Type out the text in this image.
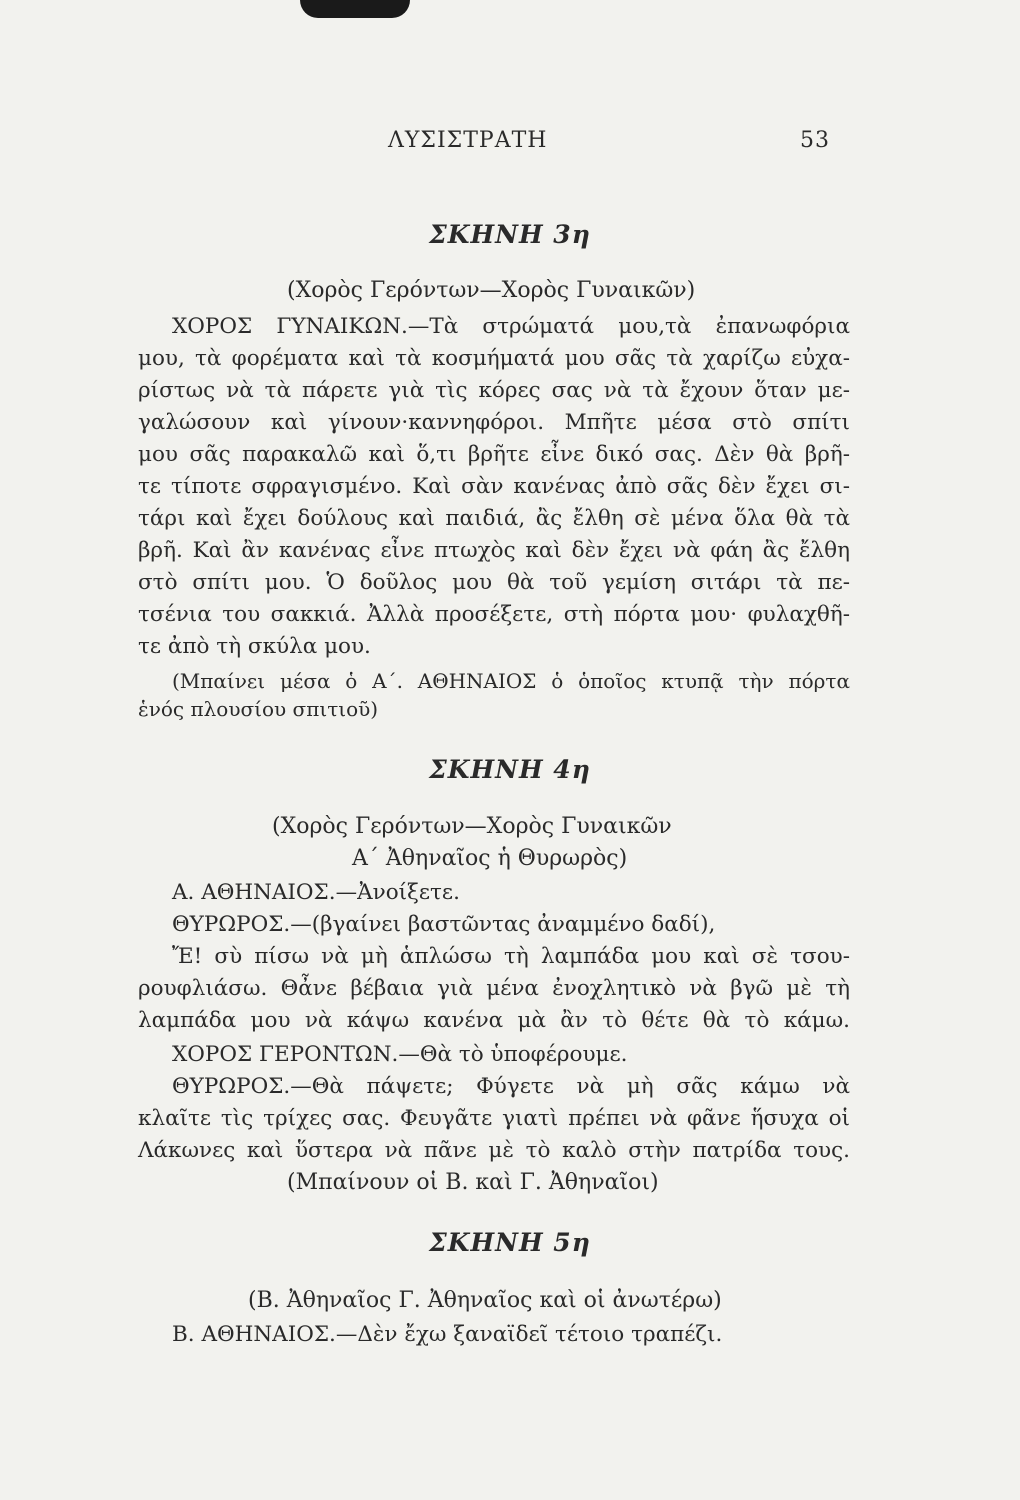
ΛΥΣΙΣΤΡΑΤΗ	53
ΣΚΗΝΗ 3η
(Χορὸς Γερόντων—Χορὸς Γυναικῶν)
ΧΟΡΟΣ ΓΥΝΑΙΚΩΝ.—Τὰ στρώματά μου,τὰ ἐπανωφόρια
μου, τὰ φορέματα καὶ τὰ κοσμήματά μου σᾶς τὰ χαρίζω εὐχα-
ρίστως νὰ τὰ πάρετε γιὰ τὶς κόρες σας νὰ τὰ ἔχουν ὅταν με-
γαλώσουν καὶ γίνουν·καννηφόροι. Μπῆτε μέσα στὸ σπίτι
μου σᾶς παρακαλῶ καὶ ὅ,τι βρῆτε εἶνε δικό σας. Δὲν θὰ βρῆ-
τε τίποτε σφραγισμένο. Καὶ σὰν κανένας ἀπὸ σᾶς δὲν ἔχει σι-
τάρι καὶ ἔχει δούλους καὶ παιδιά, ἂς ἔλθη σὲ μένα ὅλα θὰ τὰ
βρῆ. Καὶ ἂν κανένας εἶνε πτωχὸς καὶ δὲν ἔχει νὰ φάη ἂς ἔλθη
στὸ σπίτι μου. Ὁ δοῦλος μου θὰ τοῦ γεμίση σιτάρι τὰ πε-
τσένια του σακκιά. Ἀλλὰ προσέξετε, στὴ πόρτα μου· φυλαχθῆ-
τε ἀπὸ τὴ σκύλα μου.
(Μπαίνει μέσα ὁ Α΄. ΑΘΗΝΑΙΟΣ ὁ ὁποῖος κτυπᾷ τὴν πόρτα
ἑνός πλουσίου σπιτιοῦ)
ΣΚΗΝΗ 4η
(Χορὸς Γερόντων—Χορὸς Γυναικῶν
Α΄ Ἀθηναῖος ἡ Θυρωρὸς)
Α. ΑΘΗΝΑΙΟΣ.—Ἀνοίξετε.
ΘΥΡΩΡΟΣ.—(βγαίνει βαστῶντας ἀναμμένο δαδί),
Ἔ! σὺ πίσω νὰ μὴ ἁπλώσω τὴ λαμπάδα μου καὶ σὲ τσου-
ρουφλιάσω. Θἆνε βέβαια γιὰ μένα ἐνοχλητικὸ νὰ βγῶ μὲ τὴ
λαμπάδα μου νὰ κάψω κανένα μὰ ἂν τὸ θέτε θὰ τὸ κάμω.
ΧΟΡΟΣ ΓΕΡΟΝΤΩΝ.—Θὰ τὸ ὑποφέρουμε.
ΘΥΡΩΡΟΣ.—Θὰ πάψετε; Φύγετε νὰ μὴ σᾶς κάμω νὰ
κλαῖτε τὶς τρίχες σας. Φευγᾶτε γιατὶ πρέπει νὰ φᾶνε ἥσυχα οἱ
Λάκωνες καὶ ὕστερα νὰ πᾶνε μὲ τὸ καλὸ στὴν πατρίδα τους.
(Μπαίνουν οἱ Β. καὶ Γ. Ἀθηναῖοι)
ΣΚΗΝΗ 5η
(Β. Ἀθηναῖος Γ. Ἀθηναῖος καὶ οἱ ἀνωτέρω)
Β. ΑΘΗΝΑΙΟΣ.—Δὲν ἔχω ξαναϊδεῖ τέτοιο τραπέζι.
